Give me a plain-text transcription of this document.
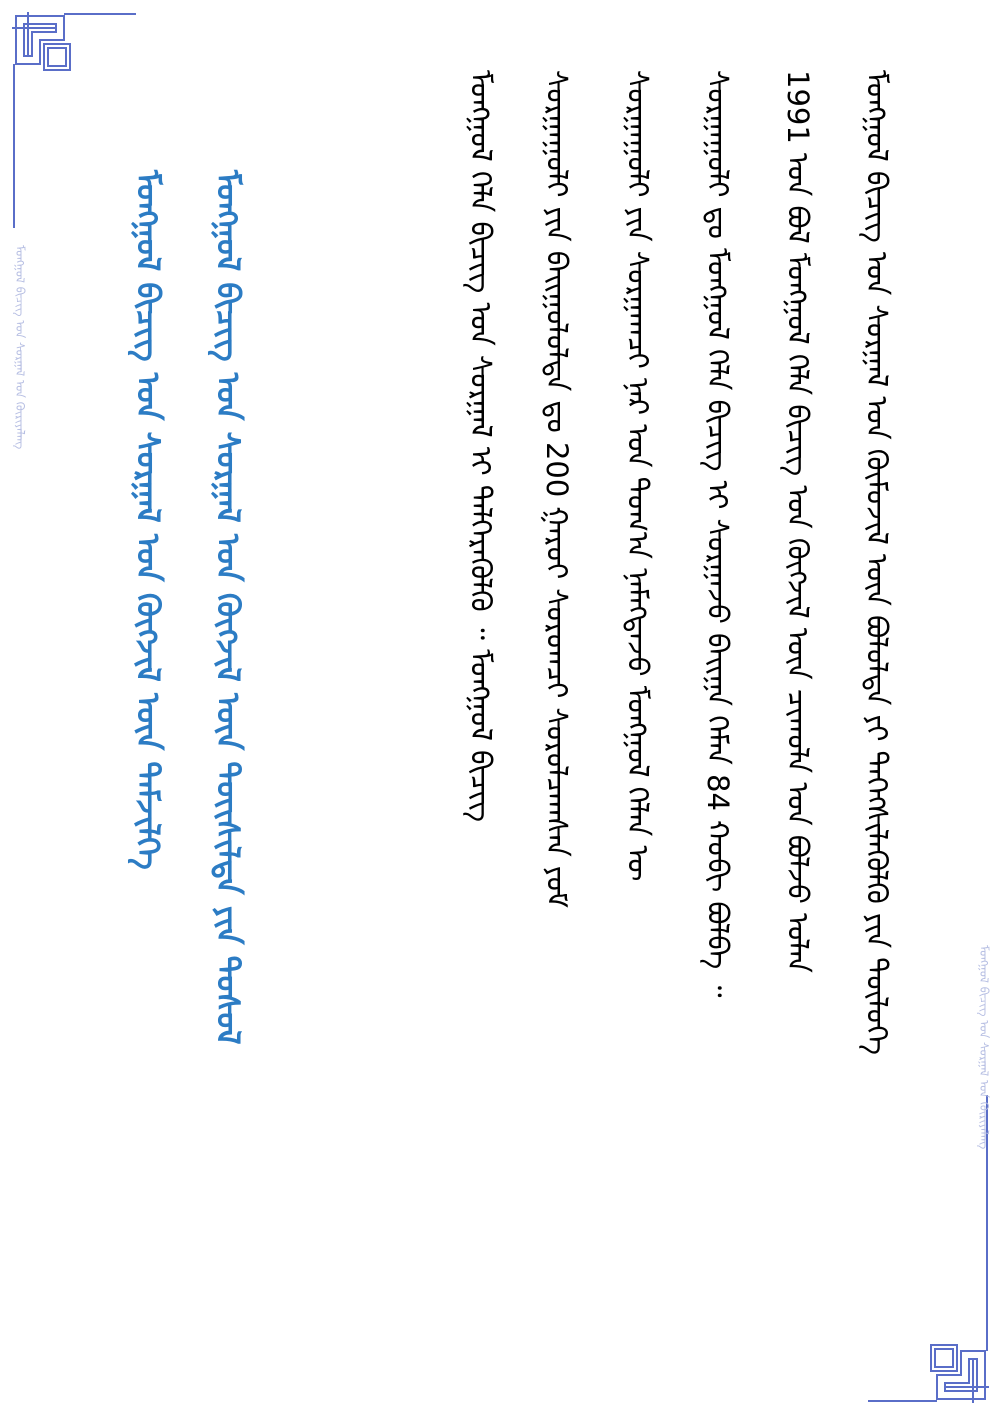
ᠮᠣᠩᠭᠣᠯ ᠪᠢᠴᠢᠭ ᠤᠨ ᠰᠤᠷᠭᠠᠯ ᠤᠨ ᠬᠦᠷᠢᠶᠡᠯᠡᠩ
ᠮᠣᠩᠭᠣᠯ ᠪᠢᠴᠢᠭ ᠤᠨ ᠰᠤᠷᠭᠠᠯ ᠤᠨ ᠬᠦᠷᠢᠶᠡᠯᠡᠩ
ᠮᠣᠩᠭᠣᠯ ᠪᠢᠴᠢᠭ ᠤᠨ ᠰᠤᠷᠭᠠᠯ ᠤᠨ ᠬᠦᠮᠦᠵᠢᠯ ᠦᠨ ᠪᠣᠯᠣᠯᠲᠠ ᠶᠢ ᠳᠡᠭᠡᠭᠰᠢᠯᠡᠭᠦᠯᠬᠦ ᠶᠢᠨ ᠲᠥᠯᠥᠭᠡ
1991 ᠣᠨ ᠪᠣᠯ ᠮᠣᠩᠭᠣᠯ ᠬᠡᠯᠡ ᠪᠢᠴᠢᠭ ᠤᠨ ᠬᠥᠭᠵᠢᠯ ᠦᠨ ᠴᠢᠬᠤᠯᠠ ᠣᠨ ᠪᠣᠯᠵᠤ ᠣᠯᠠᠨ
ᠰᠤᠷᠭᠠᠭᠤᠯᠢ ᠳᠤ ᠮᠣᠩᠭᠣᠯ ᠬᠡᠯᠡ ᠪᠢᠴᠢᠭ ᠢ ᠰᠤᠷᠭᠠᠵᠤ ᠪᠠᠢᠭᠠ ᠬᠡᠮᠡᠨ 84 ᠬᠤᠪᠢ ᠪᠣᠯᠪᠠ ᠃
ᠰᠤᠷᠭᠠᠭᠤᠯᠢ ᠶᠢᠨ ᠰᠤᠷᠭᠠᠭᠴᠢ ᠨᠠᠷ ᠤᠨ ᠲᠣᠭ᠎ᠠ ᠨᠡᠮᠡᠭᠳᠡᠵᠦ ᠮᠣᠩᠭᠣᠯ ᠬᠡᠯᠡᠨ ᠦ
ᠰᠤᠷᠭᠠᠭᠤᠯᠢ ᠶᠢᠨ ᠪᠠᠢᠭᠤᠯᠤᠯᠳᠠ ᠳᠤ 200 ᠭᠠᠷᠤᠢ ᠰᠤᠷᠤᠭᠴᠢ ᠰᠤᠷᠤᠯᠴᠠᠭᠰᠠᠨ ᠶᠤᠮ
ᠮᠣᠩᠭᠣᠯ ᠬᠡᠯᠡ ᠪᠢᠴᠢᠭ ᠤᠨ ᠰᠤᠷᠭᠠᠯ ᠢ ᠳᠡᠯᠭᠡᠷᠡᠭᠦᠯᠬᠦ ᠃ ᠮᠣᠩᠭᠣᠯ ᠪᠢᠴᠢᠭ
ᠮᠣᠩᠭᠣᠯ ᠪᠢᠴᠢᠭ ᠤᠨ ᠰᠤᠷᠭᠠᠯ ᠤᠨ ᠬᠥᠭᠵᠢᠯ ᠦᠨ ᠲᠦᠢᠰᠢᠯᠲᠡ ᠶᠢᠨ ᠲᠣᠰᠤᠯ
ᠮᠣᠩᠭᠣᠯ ᠪᠢᠴᠢᠭ ᠤᠨ ᠰᠤᠷᠭᠠᠯ ᠤᠨ ᠬᠥᠭᠵᠢᠯ ᠦᠨ ᠳᠡᠮᠵᠢᠯᠭᠡ
